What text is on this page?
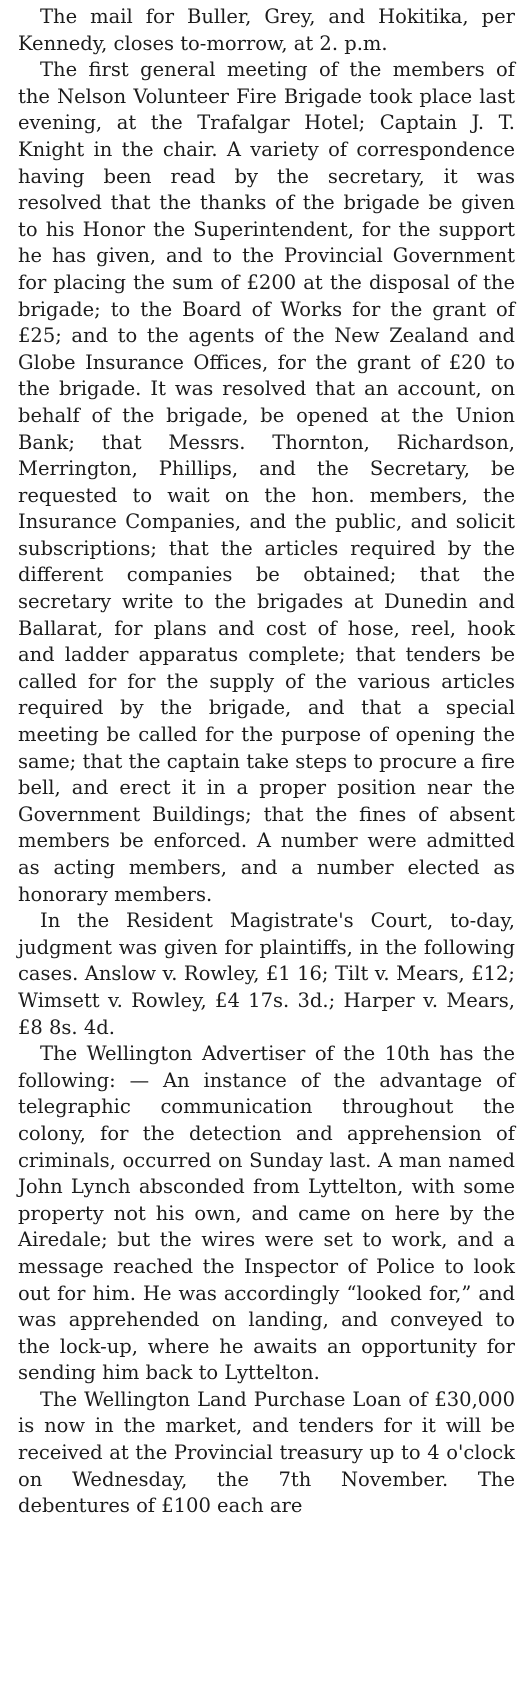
The mail for Buller, Grey, and Hokitika, per Kennedy, closes to-morrow, at 2. p.m.

The first general meeting of the members of the Nelson Volunteer Fire Brigade took place last evening, at the Trafalgar Hotel; Captain J. T. Knight in the chair. A variety of correspondence having been read by the secretary, it was resolved that the thanks of the brigade be given to his Honor the Superintendent, for the support he has given, and to the Provincial Government for placing the sum of £200 at the disposal of the brigade; to the Board of Works for the grant of £25; and to the agents of the New Zealand and Globe Insurance Offices, for the grant of £20 to the brigade. It was resolved that an account, on behalf of the brigade, be opened at the Union Bank; that Messrs. Thornton, Richardson, Merrington, Phillips, and the Secretary, be requested to wait on the hon. members, the Insurance Companies, and the public, and solicit subscriptions; that the articles required by the different companies be obtained; that the secretary write to the brigades at Dunedin and Ballarat, for plans and cost of hose, reel, hook and ladder apparatus complete; that tenders be called for for the supply of the various articles required by the brigade, and that a special meeting be called for the purpose of opening the same; that the captain take steps to procure a fire bell, and erect it in a proper position near the Government Buildings; that the fines of absent members be enforced. A number were admitted as acting members, and a number elected as honorary members.

In the Resident Magistrate's Court, to-day, judgment was given for plaintiffs, in the following cases. Anslow v. Rowley, £1 16; Tilt v. Mears, £12; Wimsett v. Rowley, £4 17s. 3d.; Harper v. Mears, £8 8s. 4d.

The Wellington Advertiser of the 10th has the following: — An instance of the advantage of telegraphic communication throughout the colony, for the detection and apprehension of criminals, occurred on Sunday last. A man named John Lynch absconded from Lyttelton, with some property not his own, and came on here by the Airedale; but the wires were set to work, and a message reached the Inspector of Police to look out for him. He was accordingly “looked for,” and was apprehended on landing, and conveyed to the lock-up, where he awaits an opportunity for sending him back to Lyttelton.

The Wellington Land Purchase Loan of £30,000 is now in the market, and tenders for it will be received at the Provincial treasury up to 4 o'clock on Wednesday, the 7th November. The debentures of £100 each are
